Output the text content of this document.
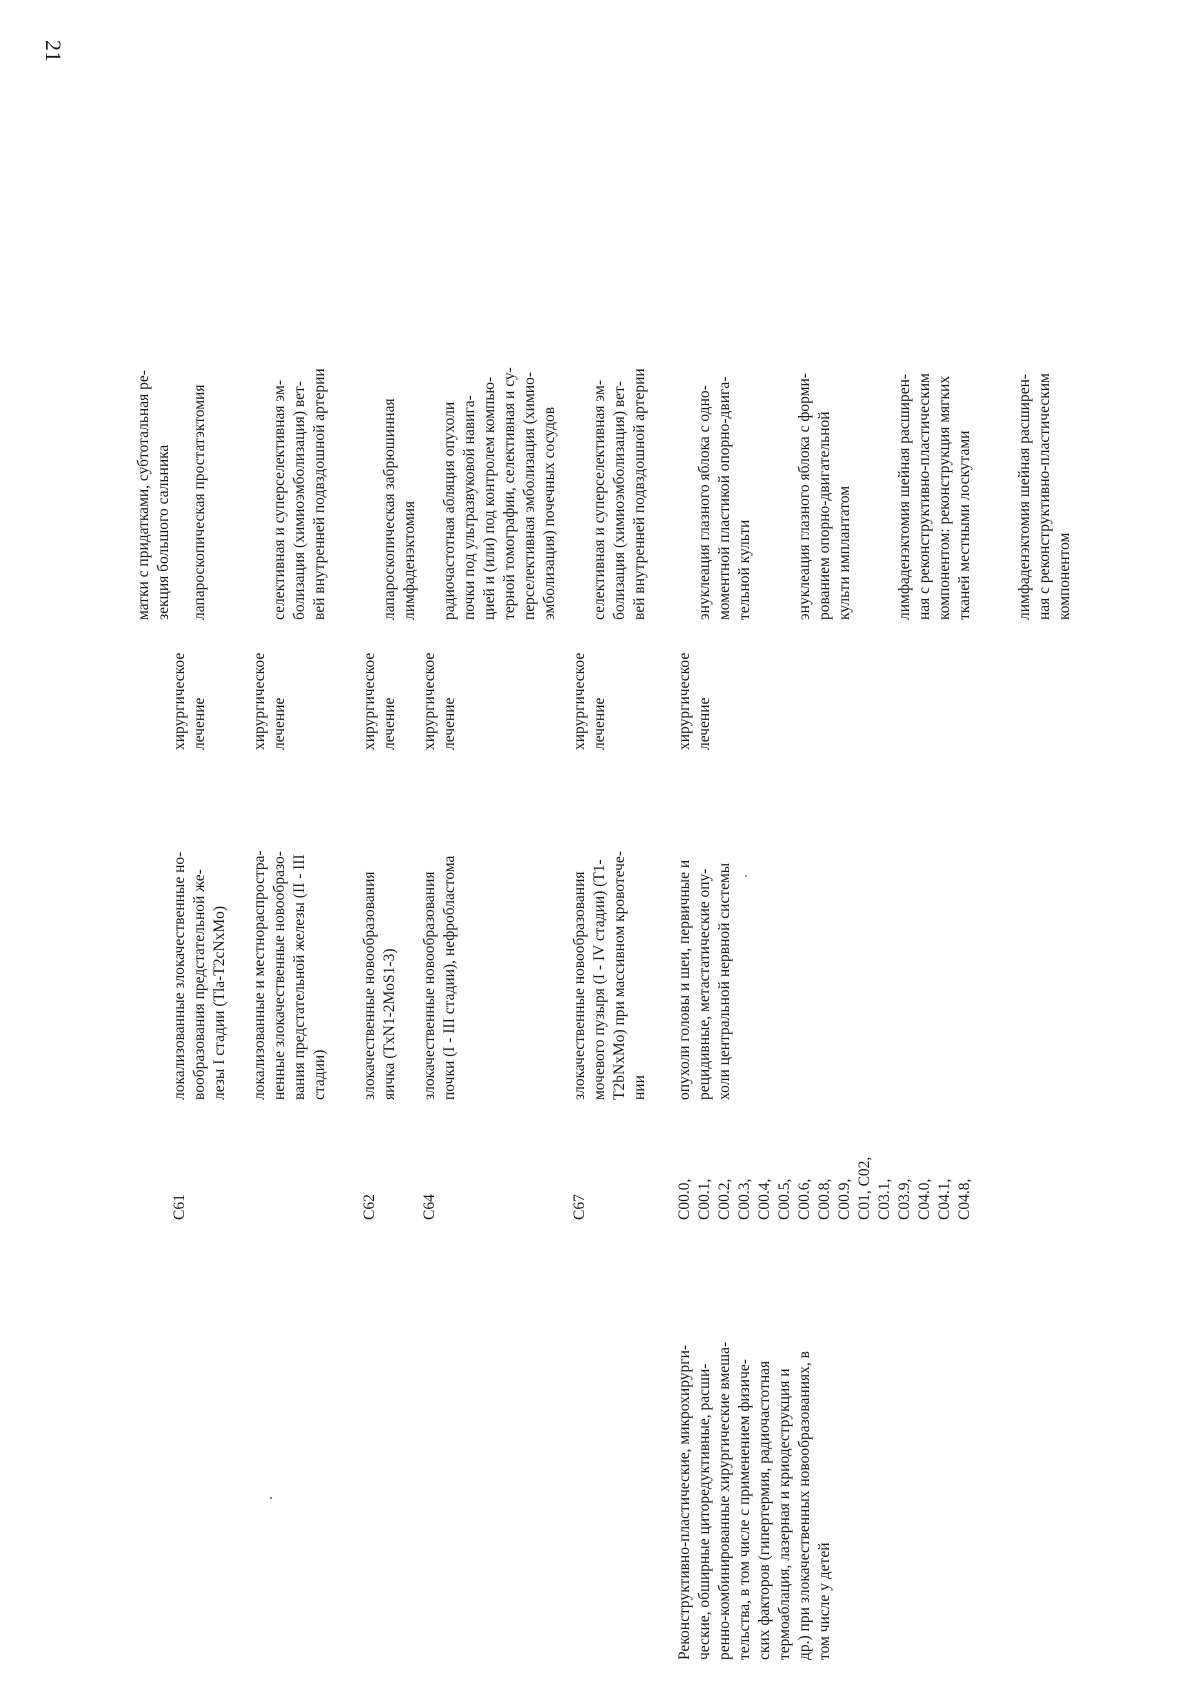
21

матки с придатками, субтотальная ре-
зекция большого сальника

C61
локализованные злокачественные но-
вообразования предстательной же-
лезы I стадии (Tla-T2cNxMo)
хирургическое
лечение

лапароскопическая простатэктомия

локализованные и местнораспростра-
ненные злокачественные новообразо-
вания предстательной железы (II - III
стадии)
хирургическое
лечение

селективная и суперселективная эм-
болизация (химиоэмболизация) вет-
вей внутренней подвздошной артерии

C62
злокачественные новообразования
яичка (TxN1-2MoS1-3)
хирургическое
лечение

лапароскопическая забрюшинная
лимфаденэктомия

C64
злокачественные новообразования
почки (I - III стадии), нефробластома
хирургическое
лечение

радиочастотная абляция опухоли
почки под ультразвуковой навига-
цией и (или) под контролем компью-
терной томографии, селективная и су-
перселективная эмболизация (химио-
эмболизация) почечных сосудов

C67
злокачественные новообразования
мочевого пузыря (I - IV стадии) (T1-
T2bNxMo) при массивном кровотече-
нии
хирургическое
лечение

селективная и суперселективная эм-
болизация (химиоэмболизация) вет-
вей внутренней подвздошной артерии

Реконструктивно-пластические, микрохирурги-
ческие, обширные циторедуктивные, расши-
ренно-комбинированные хирургические вмеша-
тельства, в том числе с применением физиче-
ских факторов (гипертермия, радиочастотная
термоаблация, лазерная и криодеструкция и
др.) при злокачественных новообразованиях, в
том числе у детей
C00.0,
C00.1,
C00.2,
C00.3,
C00.4,
C00.5,
C00.6,
C00.8,
C00.9,
C01, C02,
C03.1,
C03.9,
C04.0,
C04.1,
C04.8,
опухоли головы и шеи, первичные и
рецидивные, метастатические опу-
холи центральной нервной системы
хирургическое
лечение

энуклеация глазного яблока с одно-
моментной пластикой опорно-двига-
тельной культи

энуклеация глазного яблока с форми-
рованием опорно-двигательной
культи имплантатом	лимфаденэктомия шейная расширен-
ная с реконструктивно-пластическим
компонентом: реконструкция мягких
тканей местными лоскутами

лимфаденэктомия шейная расширен-
ная с реконструктивно-пластическим
компонентом
